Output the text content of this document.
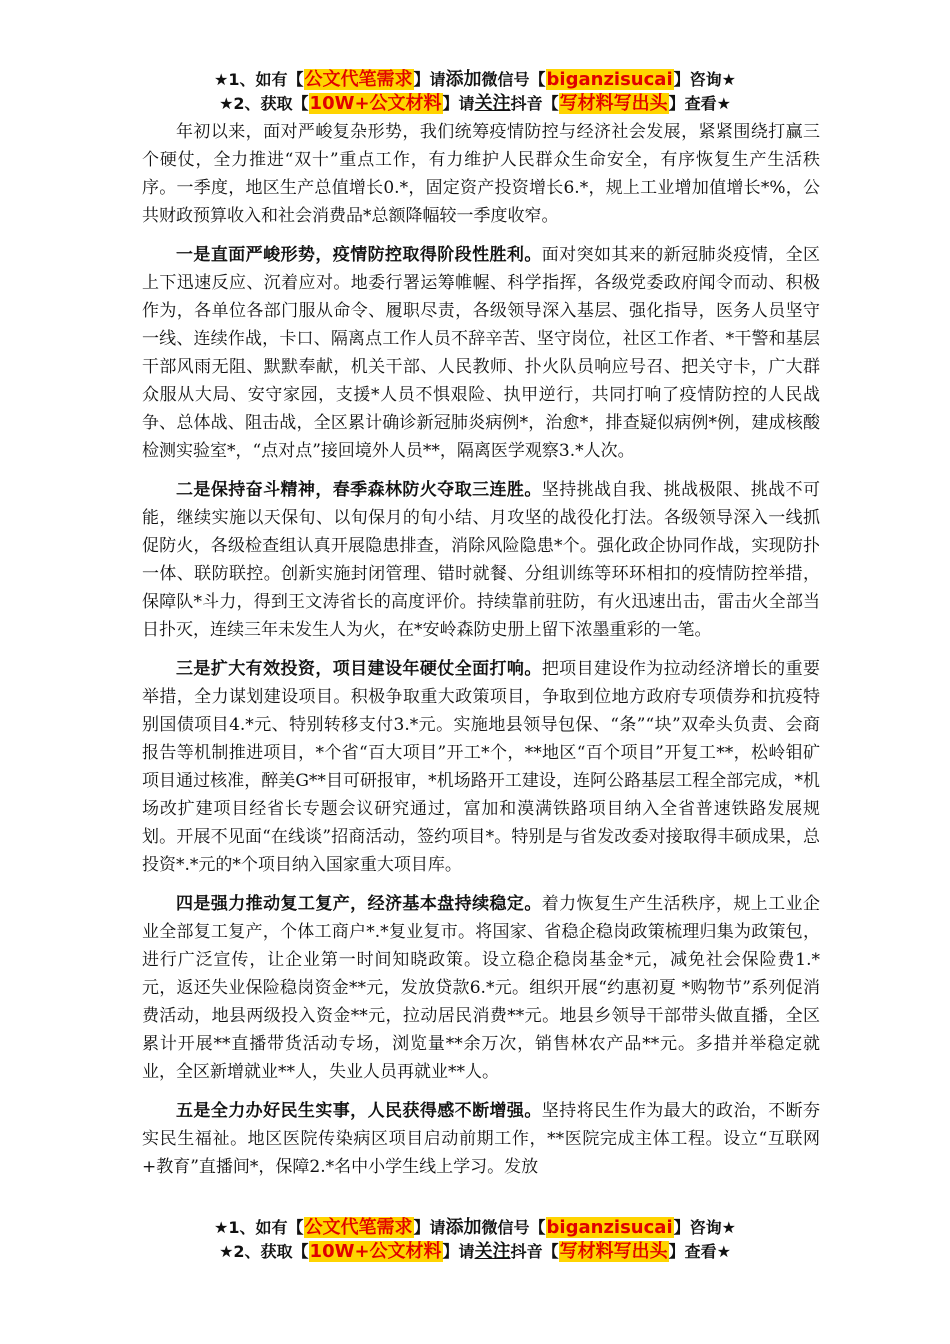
★1、如有【公文代笔需求】请添加微信号【biganzisucai】咨询★
★2、获取【10W+公文材料】请关注抖音【写材料写出头】查看★

年初以来，面对严峻复杂形势，我们统筹疫情防控与经济社会发展，紧紧围绕打赢三个硬仗，全力推进“双十”重点工作，有力维护人民群众生命安全，有序恢复生产生活秩序。一季度，地区生产总值增长0.*，固定资产投资增长6.*，规上工业增加值增长*%，公共财政预算收入和社会消费品*总额降幅较一季度收窄。

一是直面严峻形势，疫情防控取得阶段性胜利。面对突如其来的新冠肺炎疫情，全区上下迅速反应、沉着应对。地委行署运筹帷幄、科学指挥，各级党委政府闻令而动、积极作为，各单位各部门服从命令、履职尽责，各级领导深入基层、强化指导，医务人员坚守一线、连续作战，卡口、隔离点工作人员不辞辛苦、坚守岗位，社区工作者、*干警和基层干部风雨无阻、默默奉献，机关干部、人民教师、扑火队员响应号召、把关守卡，广大群众服从大局、安守家园，支援*人员不惧艰险、执甲逆行，共同打响了疫情防控的人民战争、总体战、阻击战，全区累计确诊新冠肺炎病例*，治愈*，排查疑似病例*例，建成核酸检测实验室*，“点对点”接回境外人员**，隔离医学观察3.*人次。

二是保持奋斗精神，春季森林防火夺取三连胜。坚持挑战自我、挑战极限、挑战不可能，继续实施以天保旬、以旬保月的旬小结、月攻坚的战役化打法。各级领导深入一线抓促防火，各级检查组认真开展隐患排查，消除风险隐患*个。强化政企协同作战，实现防扑一体、联防联控。创新实施封闭管理、错时就餐、分组训练等环环相扣的疫情防控举措，保障队*斗力，得到王文涛省长的高度评价。持续靠前驻防，有火迅速出击，雷击火全部当日扑灭，连续三年未发生人为火，在*安岭森防史册上留下浓墨重彩的一笔。

三是扩大有效投资，项目建设年硬仗全面打响。把项目建设作为拉动经济增长的重要举措，全力谋划建设项目。积极争取重大政策项目，争取到位地方政府专项债券和抗疫特别国债项目4.*元、特别转移支付3.*元。实施地县领导包保、“条”“块”双牵头负责、会商报告等机制推进项目，*个省“百大项目”开工*个，**地区“百个项目”开复工**，松岭钼矿项目通过核准，醉美G**目可研报审，*机场路开工建设，连阿公路基层工程全部完成，*机场改扩建项目经省长专题会议研究通过，富加和漠满铁路项目纳入全省普速铁路发展规划。开展不见面“在线谈”招商活动，签约项目*。特别是与省发改委对接取得丰硕成果，总投资*.*元的*个项目纳入国家重大项目库。

四是强力推动复工复产，经济基本盘持续稳定。着力恢复生产生活秩序，规上工业企业全部复工复产，个体工商户*.*复业复市。将国家、省稳企稳岗政策梳理归集为政策包，进行广泛宣传，让企业第一时间知晓政策。设立稳企稳岗基金*元，减免社会保险费1.*元，返还失业保险稳岗资金**元，发放贷款6.*元。组织开展“约惠初夏 *购物节”系列促消费活动，地县两级投入资金**元，拉动居民消费**元。地县乡领导干部带头做直播，全区累计开展**直播带货活动专场，浏览量**余万次，销售林农产品**元。多措并举稳定就业，全区新增就业**人，失业人员再就业**人。

五是全力办好民生实事，人民获得感不断增强。坚持将民生作为最大的政治，不断夯实民生福祉。地区医院传染病区项目启动前期工作，**医院完成主体工程。设立“互联网+教育”直播间*，保障2.*名中小学生线上学习。发放

★1、如有【公文代笔需求】请添加微信号【biganzisucai】咨询★
★2、获取【10W+公文材料】请关注抖音【写材料写出头】查看★
